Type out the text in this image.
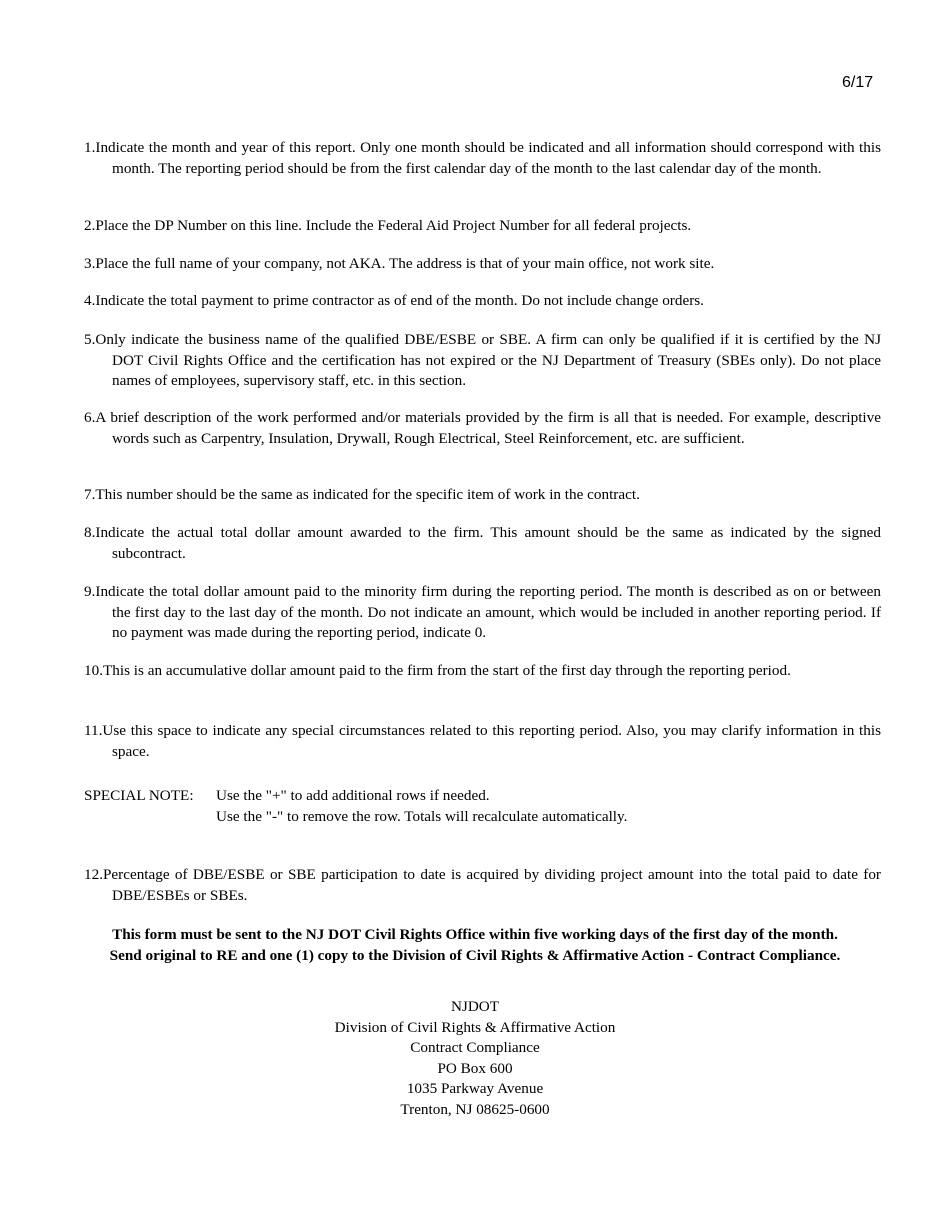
6/17
1.Indicate the month and year of this report. Only one month should be indicated and all information should correspond with this month. The reporting period should be from the first calendar day of the month to the last calendar day of the month.
2.Place the DP Number on this line. Include the Federal Aid Project Number for all federal projects.
3.Place the full name of your company, not AKA. The address is that of your main office, not work site.
4.Indicate the total payment to prime contractor as of end of the month. Do not include change orders.
5.Only indicate the business name of the qualified DBE/ESBE or SBE. A firm can only be qualified if it is certified by the NJ DOT Civil Rights Office and the certification has not expired or the NJ Department of Treasury (SBEs only). Do not place names of employees, supervisory staff, etc. in this section.
6.A brief description of the work performed and/or materials provided by the firm is all that is needed. For example, descriptive words such as Carpentry, Insulation, Drywall, Rough Electrical, Steel Reinforcement, etc. are sufficient.
7.This number should be the same as indicated for the specific item of work in the contract.
8.Indicate the actual total dollar amount awarded to the firm. This amount should be the same as indicated by the signed subcontract.
9.Indicate the total dollar amount paid to the minority firm during the reporting period. The month is described as on or between the first day to the last day of the month. Do not indicate an amount, which would be included in another reporting period. If no payment was made during the reporting period, indicate 0.
10.This is an accumulative dollar amount paid to the firm from the start of the first day through the reporting period.
11.Use this space to indicate any special circumstances related to this reporting period. Also, you may clarify information in this space.
SPECIAL NOTE: Use the "+" to add additional rows if needed.
Use the "-" to remove the row. Totals will recalculate automatically.
12.Percentage of DBE/ESBE or SBE participation to date is acquired by dividing project amount into the total paid to date for DBE/ESBEs or SBEs.
This form must be sent to the NJ DOT Civil Rights Office within five working days of the first day of the month.
Send original to RE and one (1) copy to the Division of Civil Rights & Affirmative Action - Contract Compliance.
NJDOT
Division of Civil Rights & Affirmative Action
Contract Compliance
PO Box 600
1035 Parkway Avenue
Trenton, NJ 08625-0600
